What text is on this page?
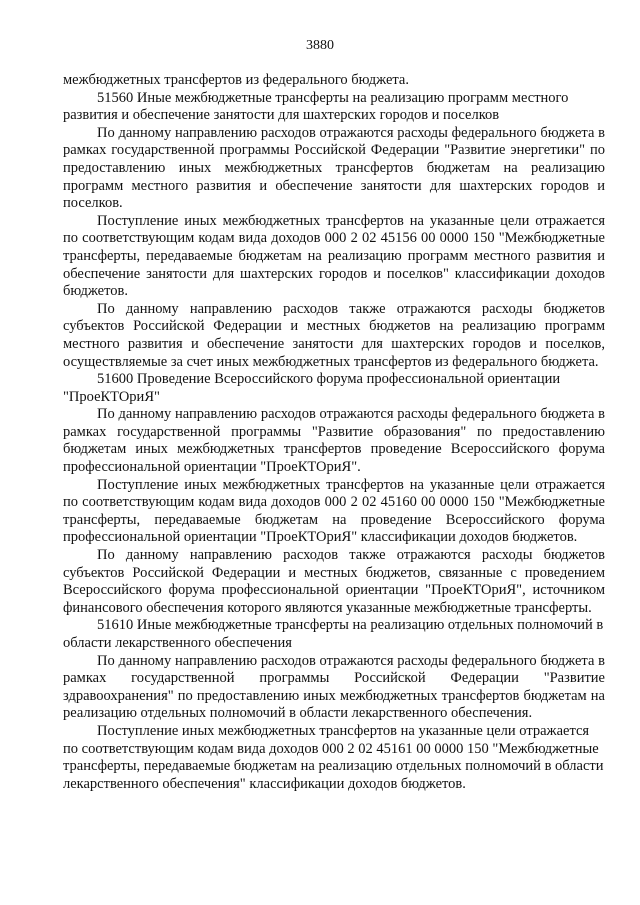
3880

межбюджетных трансфертов из федерального бюджета.

51560 Иные межбюджетные трансферты на реализацию программ местного развития и обеспечение занятости для шахтерских городов и поселков

По данному направлению расходов отражаются расходы федерального бюджета в рамках государственной программы Российской Федерации "Развитие энергетики" по предоставлению иных межбюджетных трансфертов бюджетам на реализацию программ местного развития и обеспечение занятости для шахтерских городов и поселков.

Поступление иных межбюджетных трансфертов на указанные цели отражается по соответствующим кодам вида доходов 000 2 02 45156 00 0000 150 "Межбюджетные трансферты, передаваемые бюджетам на реализацию программ местного развития и обеспечение занятости для шахтерских городов и поселков" классификации доходов бюджетов.

По данному направлению расходов также отражаются расходы бюджетов субъектов Российской Федерации и местных бюджетов на реализацию программ местного развития и обеспечение занятости для шахтерских городов и поселков, осуществляемые за счет иных межбюджетных трансфертов из федерального бюджета.

51600 Проведение Всероссийского форума профессиональной ориентации "ПроеКТОриЯ"

По данному направлению расходов отражаются расходы федерального бюджета в рамках государственной программы "Развитие образования" по предоставлению бюджетам иных межбюджетных трансфертов проведение Всероссийского форума профессиональной ориентации "ПроеКТОриЯ".

Поступление иных межбюджетных трансфертов на указанные цели отражается по соответствующим кодам вида доходов 000 2 02 45160 00 0000 150 "Межбюджетные трансферты, передаваемые бюджетам на проведение Всероссийского форума профессиональной ориентации "ПроеКТОриЯ" классификации доходов бюджетов.

По данному направлению расходов также отражаются расходы бюджетов субъектов Российской Федерации и местных бюджетов, связанные с проведением Всероссийского форума профессиональной ориентации "ПроеКТОриЯ", источником финансового обеспечения которого являются указанные межбюджетные трансферты.

51610 Иные межбюджетные трансферты на реализацию отдельных полномочий в области лекарственного обеспечения

По данному направлению расходов отражаются расходы федерального бюджета в рамках государственной программы Российской Федерации "Развитие здравоохранения" по предоставлению иных межбюджетных трансфертов бюджетам на реализацию отдельных полномочий в области лекарственного обеспечения.

Поступление иных межбюджетных трансфертов на указанные цели отражается по соответствующим кодам вида доходов 000 2 02 45161 00 0000 150 "Межбюджетные трансферты, передаваемые бюджетам на реализацию отдельных полномочий в области лекарственного обеспечения" классификации доходов бюджетов.
